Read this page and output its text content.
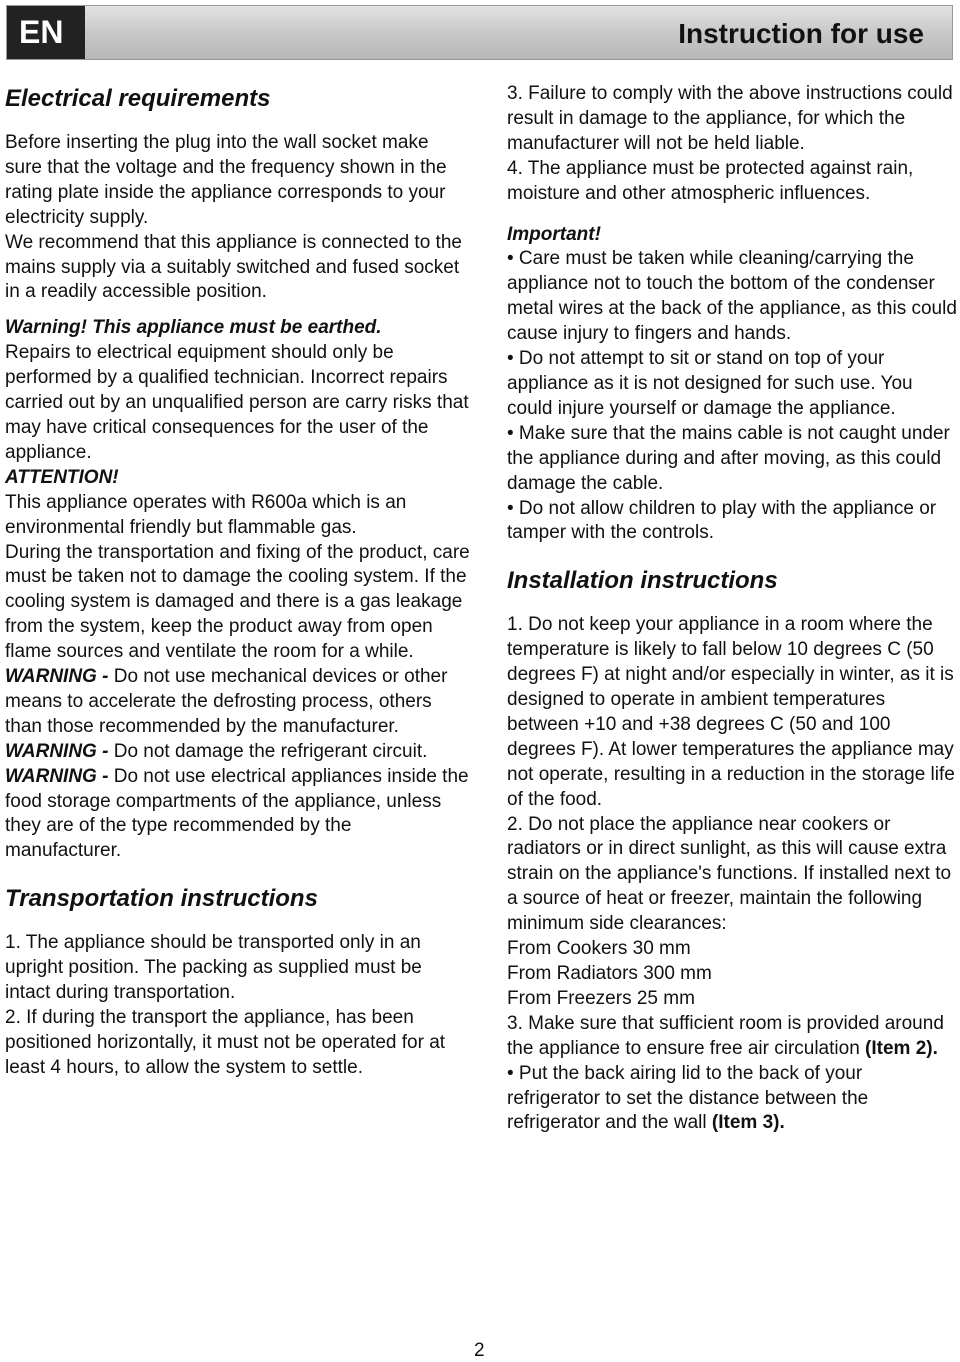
EN	Instruction for use
Electrical requirements

Before inserting the plug into the wall socket make sure that the voltage and the frequency shown in the rating plate inside the appliance corresponds to your electricity supply.

We recommend that this appliance is connected to the mains supply via a suitably switched and fused socket in a readily accessible position.

Warning! This appliance must be earthed.

Repairs to electrical equipment should only be performed by a qualified technician. Incorrect repairs carried out by an unqualified person are carry risks that may have critical consequences for the user of the appliance.

ATTENTION!

This appliance operates with R600a which is an environmental friendly but flammable gas.

During the transportation and fixing of the product, care must be taken not to damage the cooling system. If the cooling system is damaged and there is a gas leakage from the system, keep the product away from open flame sources and ventilate the room for a while.

WARNING - Do not use mechanical devices or other means to accelerate the defrosting process, others than those recommended by the manufacturer.

WARNING - Do not damage the refrigerant circuit.

WARNING - Do not use electrical appliances inside the food storage compartments of the appliance, unless they are of the type recommended by the manufacturer.

Transportation instructions

1. The appliance should be transported only in an upright position. The packing as supplied must be intact during transportation.

2. If during the transport the appliance, has been positioned horizontally, it must not be operated for at least 4 hours, to allow the system to settle.

3. Failure to comply with the above instructions could result in damage to the appliance, for which the manufacturer will not be held liable.

4. The appliance must be protected against rain, moisture and other atmospheric influences.

Important!

• Care must be taken while cleaning/carrying the appliance not to touch the bottom of the condenser metal wires at the back of the appliance, as this could cause injury to fingers and hands.

• Do not attempt to sit or stand on top of your appliance as it is not designed for such use. You could injure yourself or damage the appliance.

• Make sure that the mains cable is not caught under the appliance during and after moving, as this could damage the cable.

• Do not allow children to play with the appliance or tamper with the controls.

Installation instructions

1. Do not keep your appliance in a room where the temperature is likely to fall below 10 degrees C (50 degrees F) at night and/or especially in winter, as it is designed to operate in ambient temperatures between +10 and +38 degrees C (50 and 100 degrees F). At lower temperatures the appliance may not operate, resulting in a reduction in the storage life of the food.

2. Do not place the appliance near cookers or radiators or in direct sunlight, as this will cause extra strain on the appliance's functions. If installed next to a source of heat or freezer, maintain the following minimum side clearances:

From Cookers 30 mm

From Radiators 300 mm

From Freezers 25 mm

3. Make sure that sufficient room is provided around the appliance to ensure free air circulation (Item 2).

• Put the back airing lid to the back of your refrigerator to set the distance between the refrigerator and the wall (Item 3).

2
